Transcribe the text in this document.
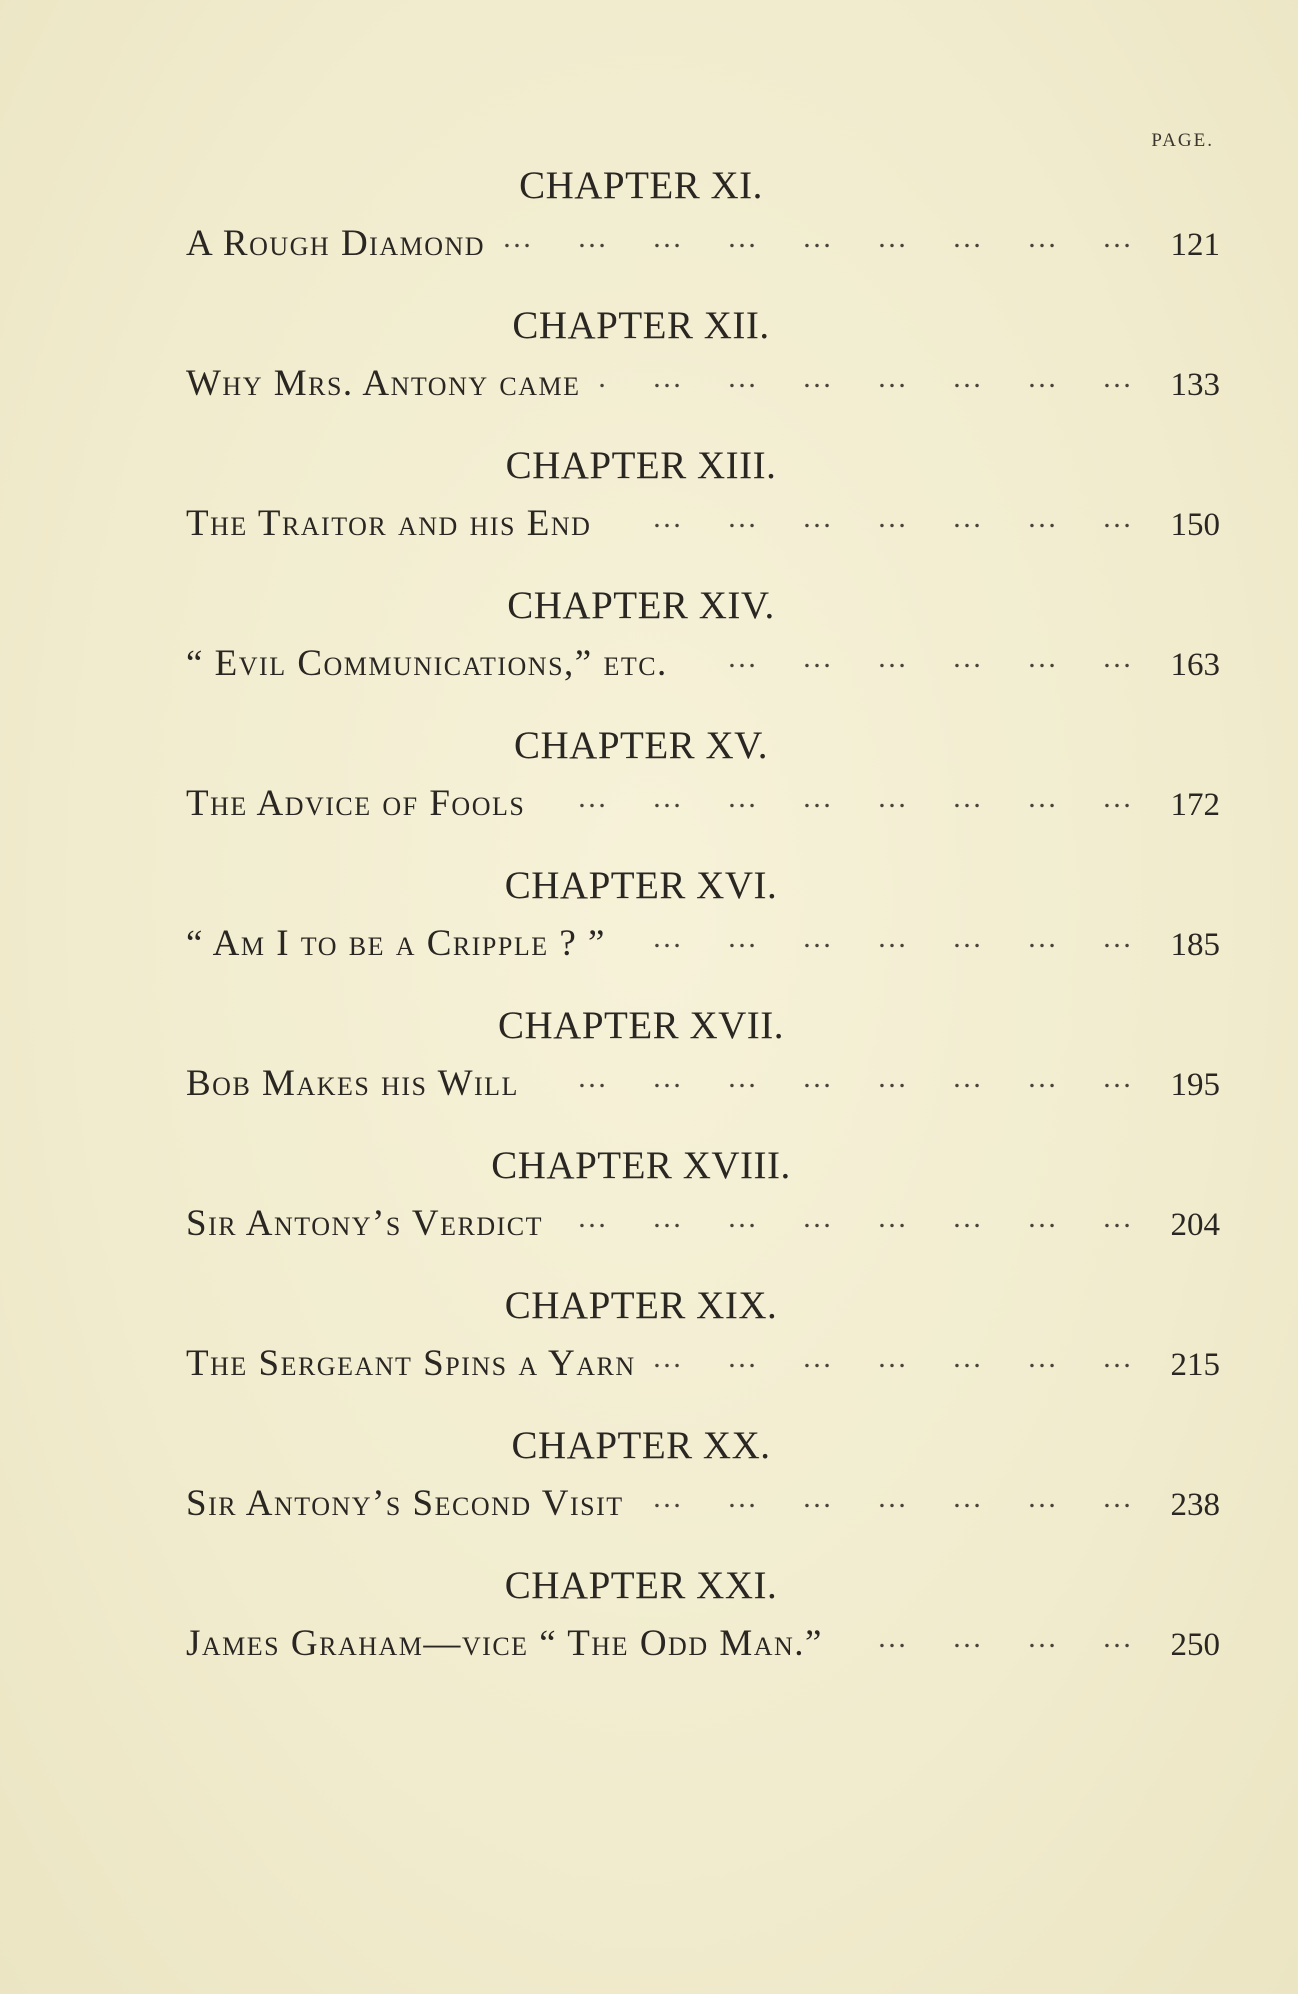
PAGE.
CHAPTER XI.
A Rough Diamond …      …      …      …      …      …      …      …      …	121
CHAPTER XII.
Why Mrs. Antony came …      …      …      …      …      …      …      …      …	133
CHAPTER XIII.
The Traitor and his End …      …      …      …      …      …      …      …      …	150
CHAPTER XIV.
“ Evil Communications,” etc. …      …      …      …      …      …      …      …      …	163
CHAPTER XV.
The Advice of Fools …      …      …      …      …      …      …      …      …	172
CHAPTER XVI.
“ Am I to be a Cripple ? ” …      …      …      …      …      …      …      …      …	185
CHAPTER XVII.
Bob Makes his Will …      …      …      …      …      …      …      …      …	195
CHAPTER XVIII.
Sir Antony’s Verdict …      …      …      …      …      …      …      …      …	204
CHAPTER XIX.
The Sergeant Spins a Yarn …      …      …      …      …      …      …      …      …	215
CHAPTER XX.
Sir Antony’s Second Visit …      …      …      …      …      …      …      …      …	238
CHAPTER XXI.
James Graham—vice “ The Odd Man.” …      …      …      …      …      …      …      …      …	250
